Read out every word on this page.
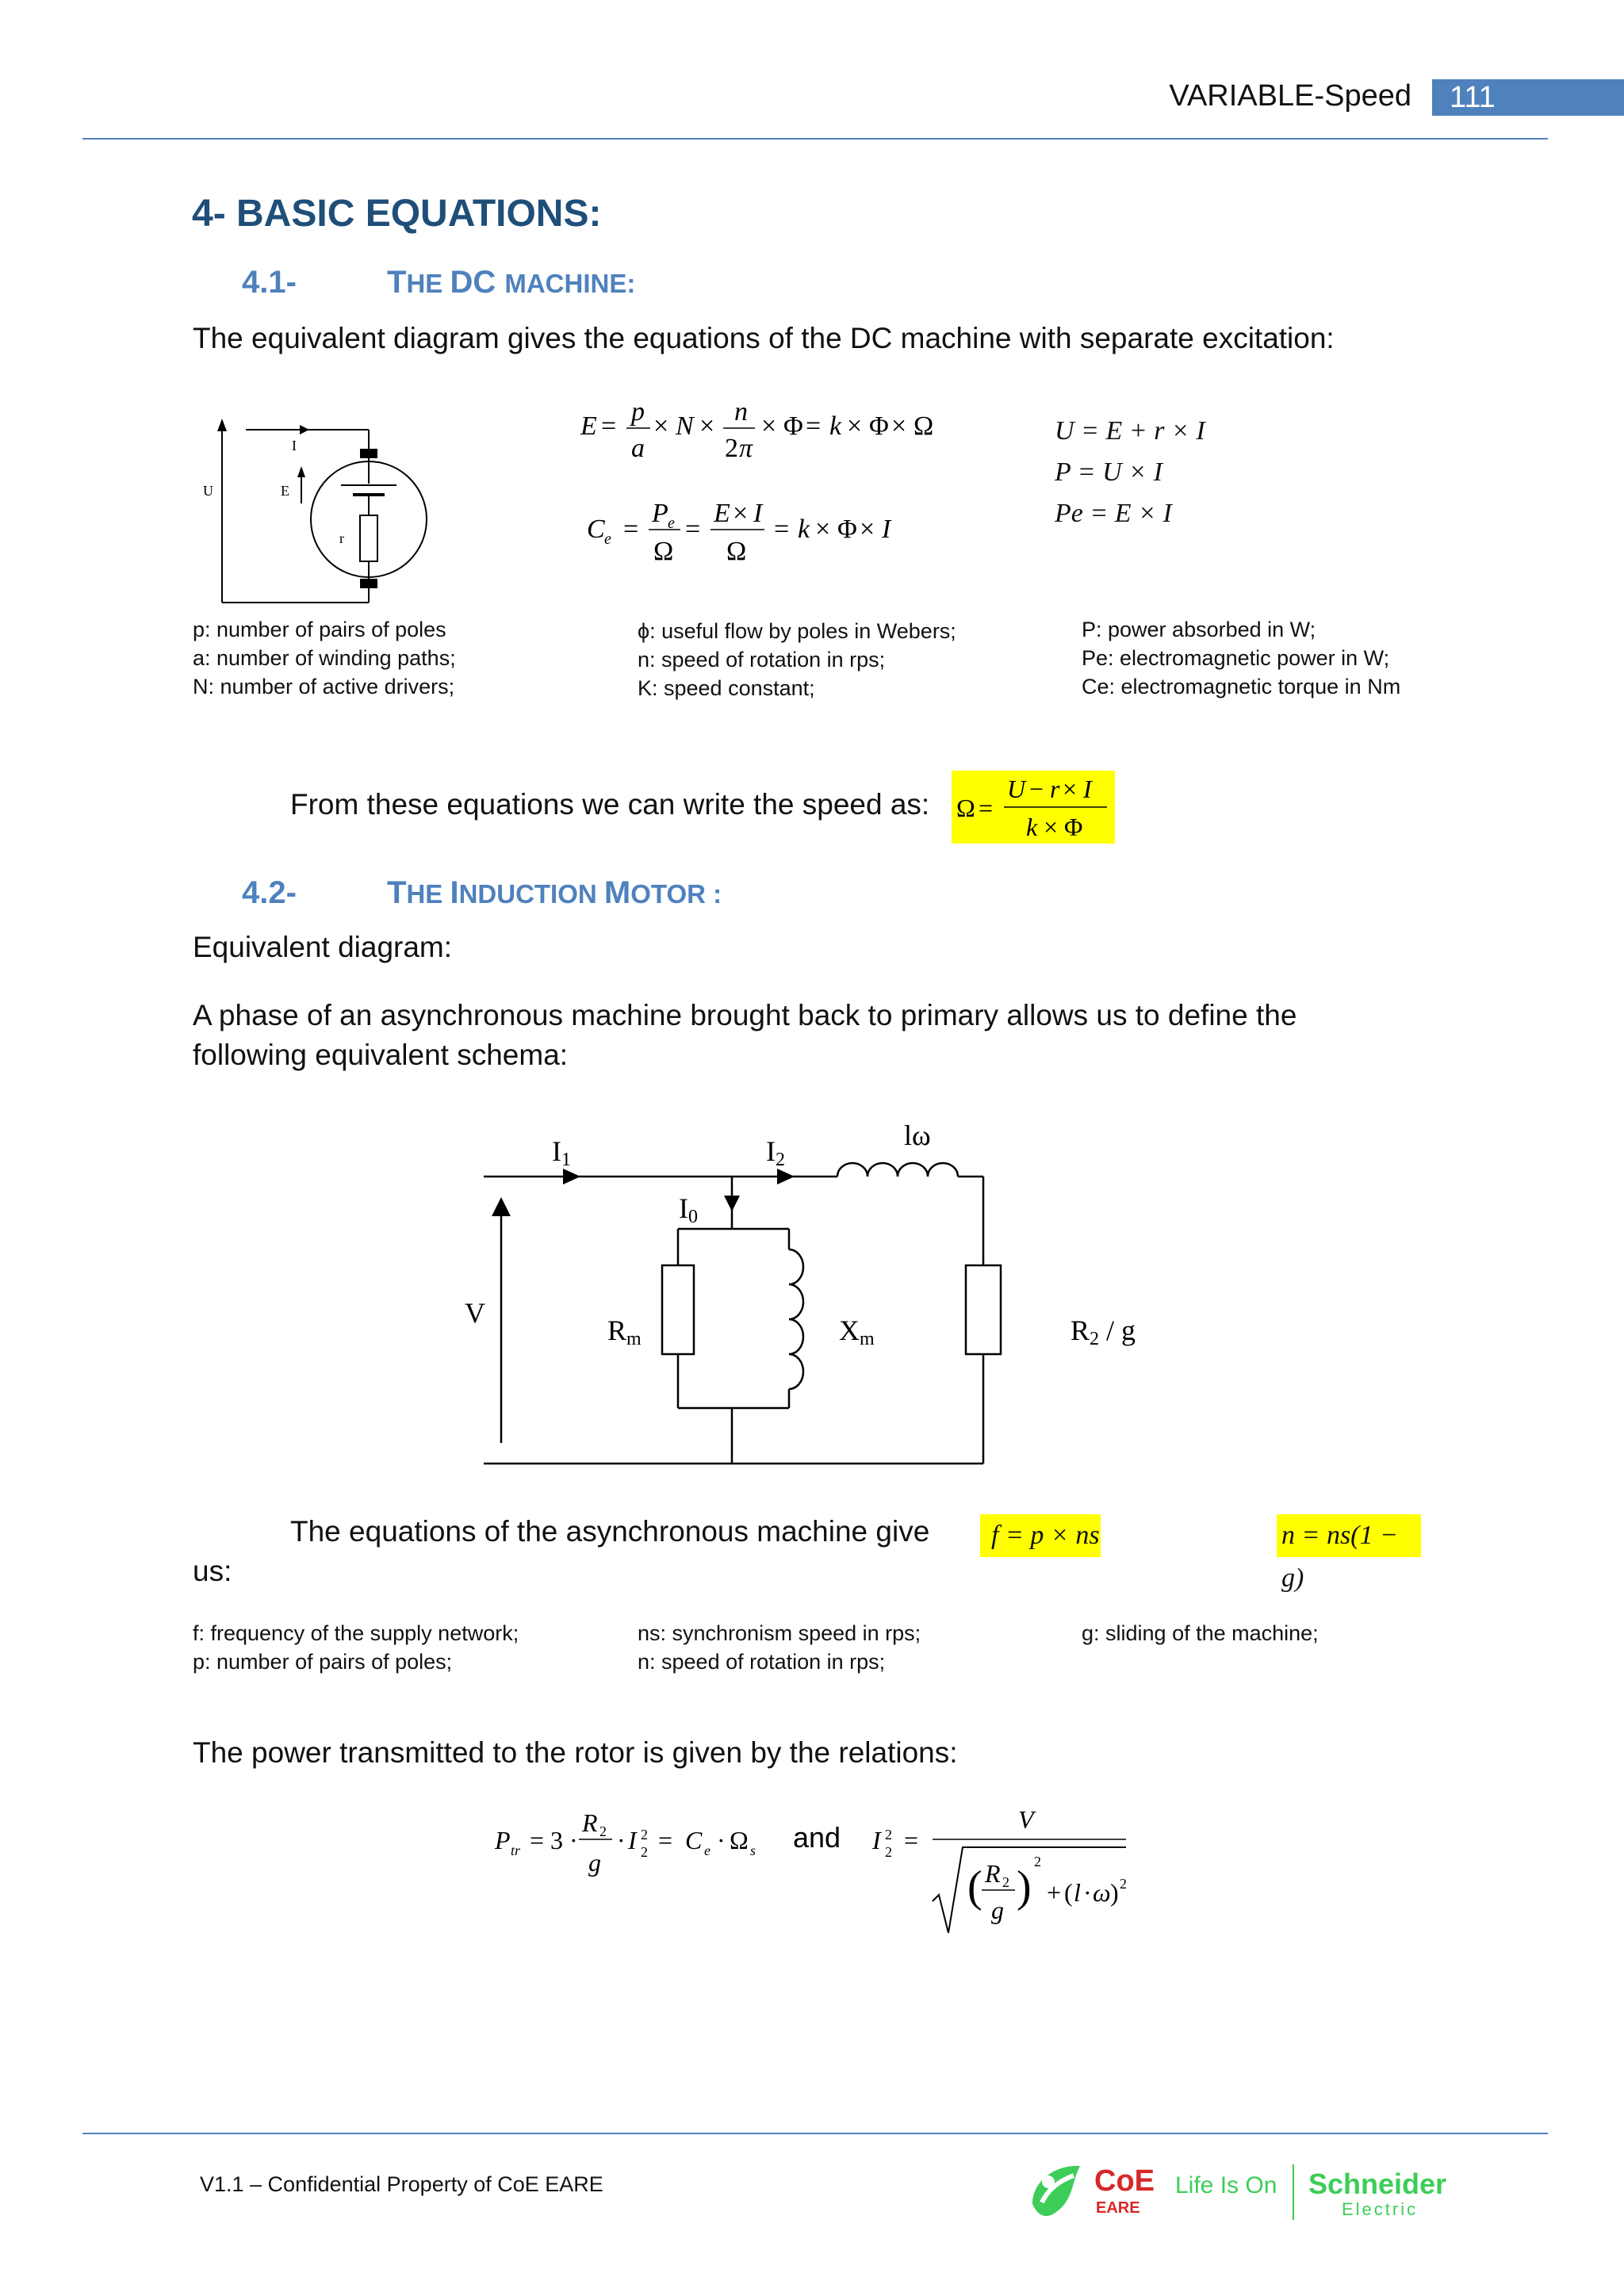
VARIABLE-Speed	111
4- BASIC EQUATIONS:
4.1-	THE DC MACHINE:
The equivalent diagram gives the equations of the DC machine with separate excitation:
I
U	E
r
E = p
a
× N × n
2 π
× Φ = k × Φ × Ω
C e =
P e
Ω
=
E × I
Ω
= k × Φ × I
U = E + r × I
P = U × I
Pe = E × I
p: number of pairs of poles
a: number of winding paths;
N: number of active drivers;
ϕ: useful flow by poles in Webers;
n: speed of rotation in rps;
K: speed constant;
P: power absorbed in W;
Pe: electromagnetic power in W;
Ce: electromagnetic torque in Nm
From these equations we can write the speed as: Ω =
U − r × I
k × Φ
4.2-	THE INDUCTION MOTOR :
Equivalent diagram:
A phase of an asynchronous machine brought back to primary allows us to define the
following equivalent schema:
I1	I2
lω
I0
V
Rm	Xm	R2 / g
The equations of the asynchronous machine give
us:
f = p × ns	n = ns(1 − g)
f: frequency of the supply network;
p: number of pairs of poles;
ns: synchronism speed in rps;
n: speed of rotation in rps;
g: sliding of the machine;
The power transmitted to the rotor is given by the relations:
P tr = 3 ·
R 2
g
· I 2
2 = C e · Ω s and I 2
2 =
V
( R 2
g )
2
+ ( l · ω ) 2
V1.1 – Confidential Property of CoE EARE	CoE
EARE
Life Is On Schneider
Electric
